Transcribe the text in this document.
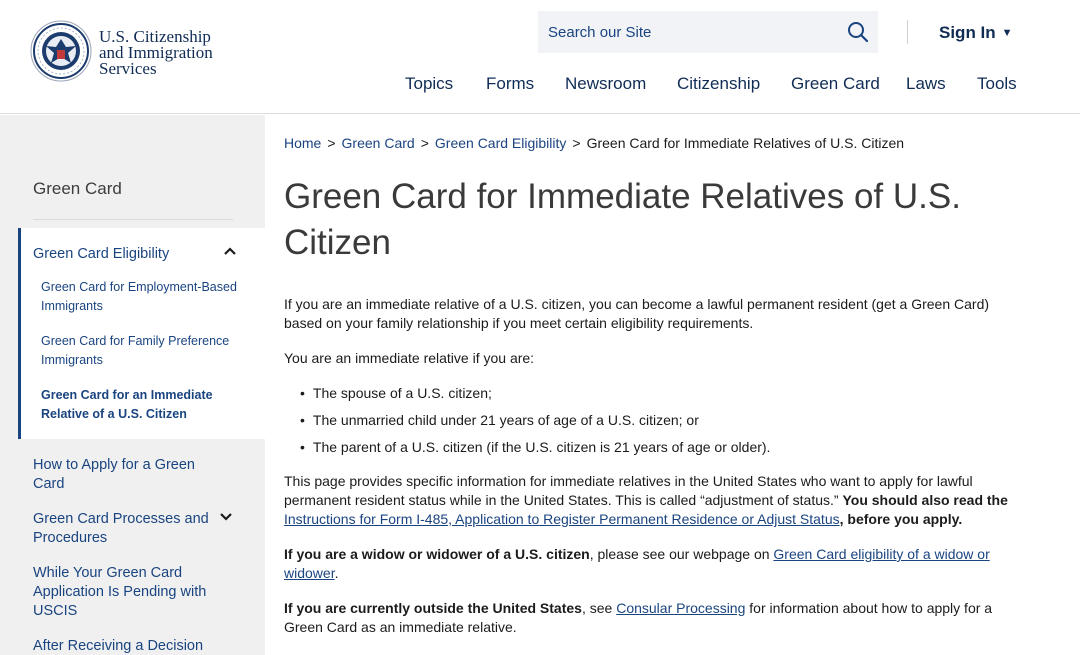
U.S. Citizenship
and Immigration
Services
Search our Site
Sign In ▼
Topics Forms Newsroom Citizenship Green Card Laws Tools
Green Card
Green Card Eligibility
Green Card for Employment-Based Immigrants
Green Card for Family Preference Immigrants
Green Card for an Immediate Relative of a U.S. Citizen
How to Apply for a Green Card
Green Card Processes and Procedures
While Your Green Card Application Is Pending with USCIS
After Receiving a Decision
Home > Green Card > Green Card Eligibility > Green Card for Immediate Relatives of U.S. Citizen
Green Card for Immediate Relatives of U.S. Citizen
If you are an immediate relative of a U.S. citizen, you can become a lawful permanent resident (get a Green Card) based on your family relationship if you meet certain eligibility requirements.
You are an immediate relative if you are:
• The spouse of a U.S. citizen;
• The unmarried child under 21 years of age of a U.S. citizen; or
• The parent of a U.S. citizen (if the U.S. citizen is 21 years of age or older).
This page provides specific information for immediate relatives in the United States who want to apply for lawful permanent resident status while in the United States. This is called “adjustment of status.” You should also read the Instructions for Form I-485, Application to Register Permanent Residence or Adjust Status, before you apply.
If you are a widow or widower of a U.S. citizen, please see our webpage on Green Card eligibility of a widow or widower.
If you are currently outside the United States, see Consular Processing for information about how to apply for a Green Card as an immediate relative.
